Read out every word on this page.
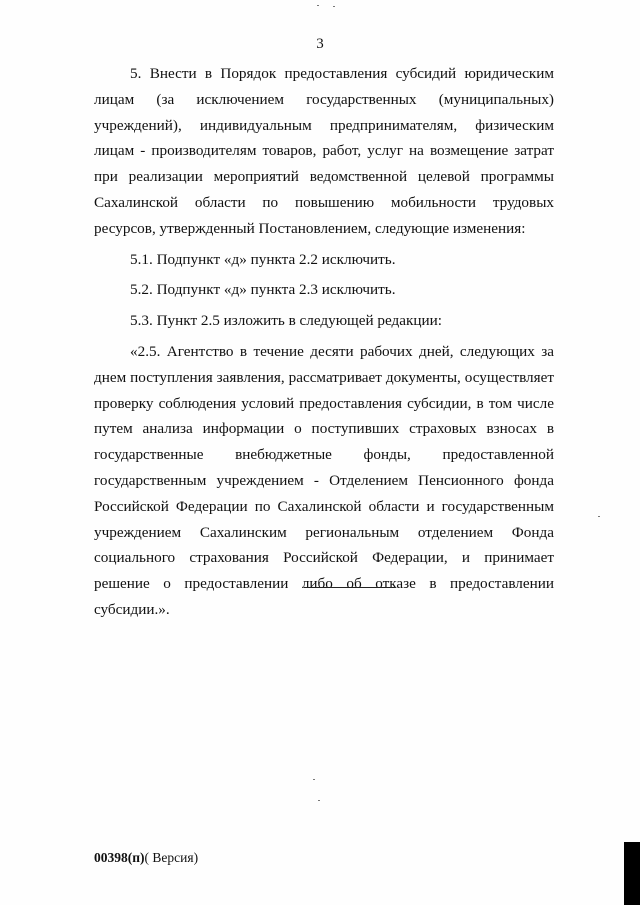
3

5. Внести в Порядок предоставления субсидий юридическим лицам (за исключением государственных (муниципальных) учреждений), индивидуальным предпринимателям, физическим лицам - производителям товаров, работ, услуг на возмещение затрат при реализации мероприятий ведомственной целевой программы Сахалинской области по повышению мобильности трудовых ресурсов, утвержденный Постановлением, следующие изменения:

5.1. Подпункт «д» пункта 2.2 исключить.

5.2. Подпункт «д» пункта 2.3 исключить.

5.3. Пункт 2.5 изложить в следующей редакции:

«2.5. Агентство в течение десяти рабочих дней, следующих за днем поступления заявления, рассматривает документы, осуществляет проверку соблюдения условий предоставления субсидии, в том числе путем анализа информации о поступивших страховых взносах в государственные внебюджетные фонды, предоставленной государственным учреждением - Отделением Пенсионного фонда Российской Федерации по Сахалинской области и государственным учреждением Сахалинским региональным отделением Фонда социального страхования Российской Федерации, и принимает решение о предоставлении либо об отказе в предоставлении субсидии.».

00398(п)( Версия)
